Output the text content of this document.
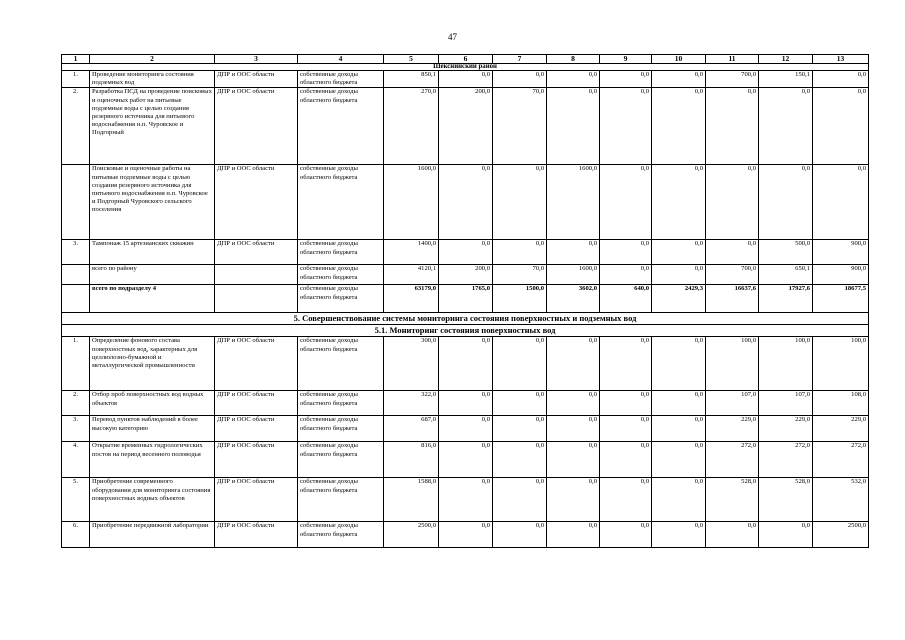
47
1	2	3	4	5	6	7	8	9	10	11	12	13
Шекснинский район												
1.	Проведение мониторинга состояния подземных вод	ДПР и ООС области	собственные доходы областного бюджета	850,1	0,0	0,0	0,0	0,0	0,0	700,0	150,1	0,0
2.	Разработка ПСД на проведение поисковых и оценочных работ на питьевые подземные воды с целью создания резервного источника для питьевого водоснабжения н.п. Чуровское и Подгорный	ДПР и ООС области	собственные доходы областного бюджета	270,0	200,0	70,0	0,0	0,0	0,0	0,0	0,0	0,0
	Поисковые и оценочные работы на питьевые подземные воды с целью создания резервного источника для питьевого водоснабжения н.п. Чуровское и Подгорный Чуровского сельского поселения	ДПР и ООС области	собственные доходы областного бюджета	1600,0	0,0	0,0	1600,0	0,0	0,0	0,0	0,0	0,0
3.	Тампонаж 15 артезианских скважин	ДПР и ООС области	собственные доходы областного бюджета	1400,0	0,0	0,0	0,0	0,0	0,0	0,0	500,0	900,0
	всего по району		собственные доходы областного бюджета	4120,1	200,0	70,0	1600,0	0,0	0,0	700,0	650,1	900,0
	всего по подразделу 4		собственные доходы областного бюджета	63179,0	1765,0	1500,0	3602,0	640,0	2429,3	16637,6	17927,6	18677,5
5. Совершенствование системы мониторинга состояния поверхностных и подземных вод												
5.1. Мониторинг состояния поверхностных вод												
1.	Определение фонового состава поверхностных вод, характерных для целлюлозно-бумажной и металлургической промышленности	ДПР и ООС области	собственные доходы областного бюджета	300,0	0,0	0,0	0,0	0,0	0,0	100,0	100,0	100,0
2.	Отбор проб поверхностных вод водных объектов	ДПР и ООС области	собственные доходы областного бюджета	322,0	0,0	0,0	0,0	0,0	0,0	107,0	107,0	108,0
3.	Перевод пунктов наблюдений в более высокую категорию	ДПР и ООС области	собственные доходы областного бюджета	687,0	0,0	0,0	0,0	0,0	0,0	229,0	229,0	229,0
4.	Открытие временных гидрологических постов на период весеннего половодья	ДПР и ООС области	собственные доходы областного бюджета	816,0	0,0	0,0	0,0	0,0	0,0	272,0	272,0	272,0
5.	Приобретение современного оборудования для мониторинга состояния поверхностных водных объектов	ДПР и ООС области	собственные доходы областного бюджета	1588,0	0,0	0,0	0,0	0,0	0,0	528,0	528,0	532,0
6.	Приобретение передвижной лаборатории	ДПР и ООС области	собственные доходы областного бюджета	2500,0	0,0	0,0	0,0	0,0	0,0	0,0	0,0	2500,0
